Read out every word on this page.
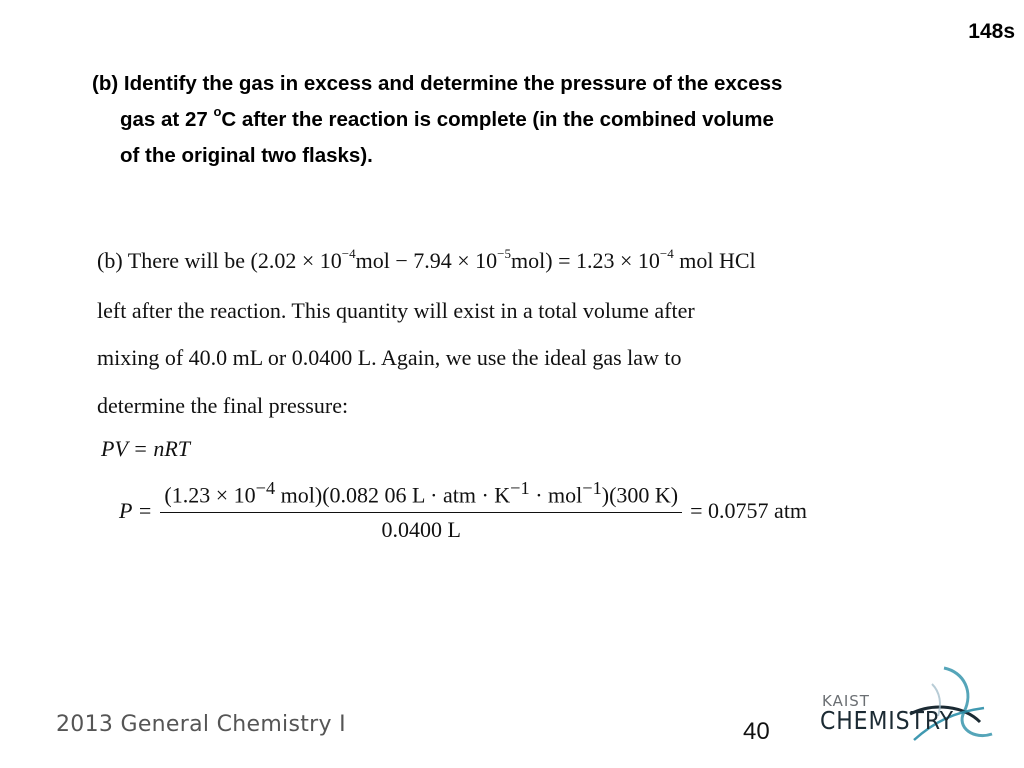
148s
(b) Identify the gas in excess and determine the pressure of the excess
gas at 27 $^o$C after the reaction is complete (in the combined volume
of the original two flasks).
(b) There will be $(2.02 \times 10^{-4}mol - 7.94 \times 10^{-5}mol) = 1.23 \times 10^{-4}$ mol HCl
left after the reaction. This quantity will exist in a total volume after
mixing of 40.0 mL or 0.0400 L. Again, we use the ideal gas law to
determine the final pressure:
PV = nRT
$P = \frac{(1.23 \times 10^{-4} mol)(0.082 06 L \cdot atm \cdot K^{-1} \cdot mol^{-1})(300 K)}{0.0400 L} = 0.0757$ atm
2013 General Chemistry I	40
KAIST
CHEMISTRY
